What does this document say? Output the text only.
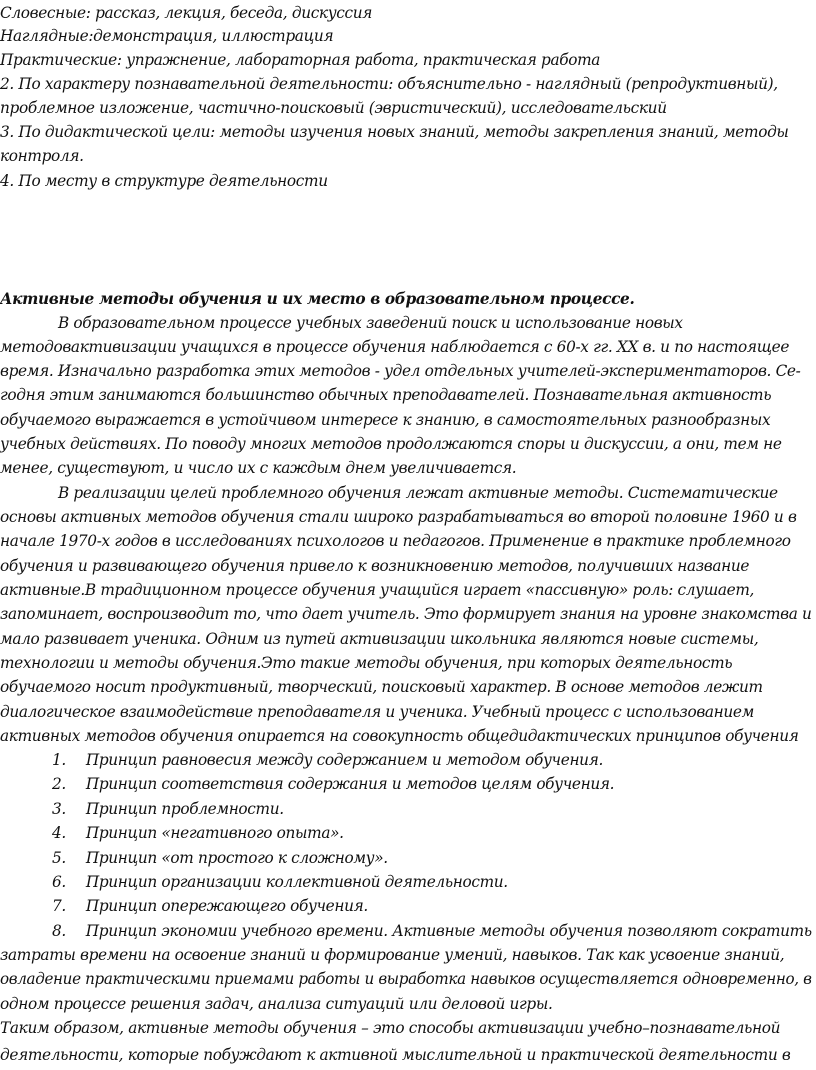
Словесные: рассказ, лекция, беседа, дискуссия
Наглядные:демонстрация, иллюстрация
Практические: упражнение, лабораторная работа, практическая работа
2. По характеру познавательной деятельности: объяснительно - наглядный (репродуктивный),
проблемное изложение, частично-поисковый (эвристический), исследовательский
3. По дидактической цели: методы изучения новых знаний, методы закрепления знаний, методы
контроля.
4. По месту в структуре деятельности
Активные методы обучения и их место в образовательном процессе.
В образовательном процессе учебных заведений поиск и использование новых
методовактивизации учащихся в процессе обучения наблюдается с 60-х гг. XX в. и по настоящее
время. Изначально разработка этих методов - удел отдельных учителей-экспериментаторов. Се-
годня этим занимаются большинство обычных преподавателей. Познавательная активность
обучаемого выражается в устойчивом интересе к знанию, в самостоятельных разнообразных
учебных действиях. По поводу многих методов продолжаются споры и дискуссии, а они, тем не
менее, существуют, и число их с каждым днем увеличивается.
В реализации целей проблемного обучения лежат активные методы. Систематические
основы активных методов обучения стали широко разрабатываться во второй половине 1960 и в
начале 1970-х годов в исследованиях психологов и педагогов. Применение в практике проблемного
обучения и развивающего обучения привело к возникновению методов, получивших название
активные.В традиционном процессе обучения учащийся играет «пассивную» роль: слушает,
запоминает, воспроизводит то, что дает учитель. Это формирует знания на уровне знакомства и
мало развивает ученика. Одним из путей активизации школьника являются новые системы,
технологии и методы обучения.Это такие методы обучения, при которых деятельность
обучаемого носит продуктивный, творческий, поисковый характер. В основе методов лежит
диалогическое взаимодействие преподавателя и ученика. Учебный процесс с использованием
активных методов обучения опирается на совокупность общедидактических принципов обучения
1. Принцип равновесия между содержанием и методом обучения.
2. Принцип соответствия содержания и методов целям обучения.
3. Принцип проблемности.
4. Принцип «негативного опыта».
5. Принцип «от простого к сложному».
6. Принцип организации коллективной деятельности.
7. Принцип опережающего обучения.
8. Принцип экономии учебного времени. Активные методы обучения позволяют сократить
затраты времени на освоение знаний и формирование умений, навыков. Так как усвоение знаний,
овладение практическими приемами работы и выработка навыков осуществляется одновременно, в
одном процессе решения задач, анализа ситуаций или деловой игры.
Таким образом, активные методы обучения – это способы активизации учебно–познавательной
деятельности, которые побуждают к активной мыслительной и практической деятельности в
